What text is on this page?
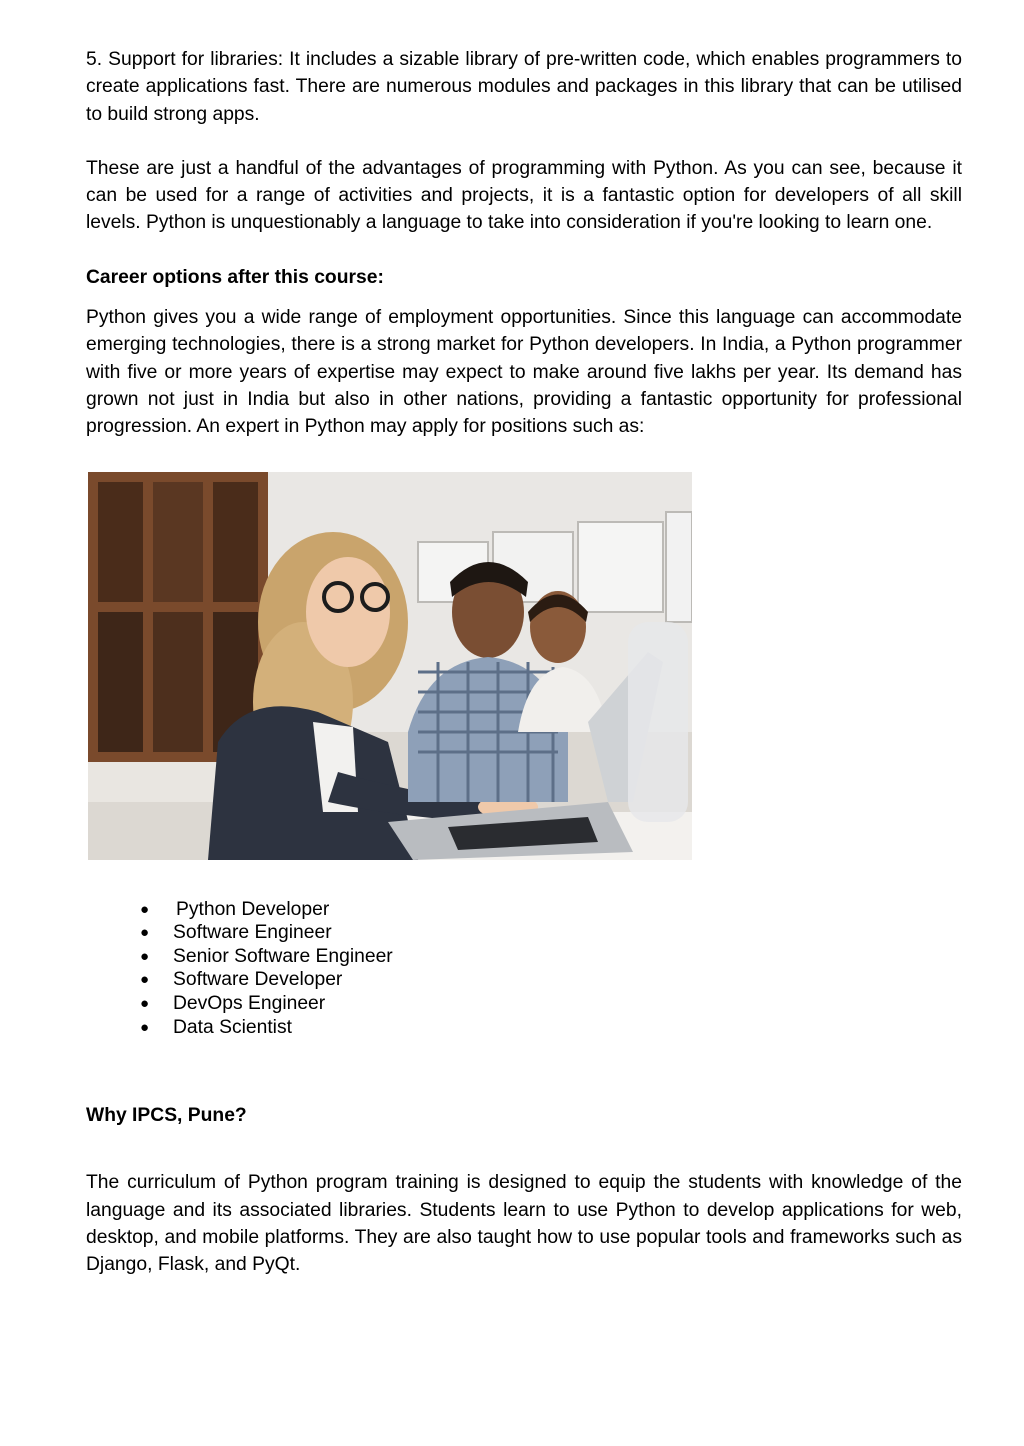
5. Support for libraries: It includes a sizable library of pre-written code, which enables programmers to create applications fast. There are numerous modules and packages in this library that can be utilised to build strong apps.

These are just a handful of the advantages of programming with Python. As you can see, because it can be used for a range of activities and projects, it is a fantastic option for developers of all skill levels. Python is unquestionably a language to take into consideration if you're looking to learn one.

Career options after this course:

Python gives you a wide range of employment opportunities. Since this language can accommodate emerging technologies, there is a strong market for Python developers. In India, a Python programmer with five or more years of expertise may expect to make around five lakhs per year. Its demand has grown not just in India but also in other nations, providing a fantastic opportunity for professional progression. An expert in Python may apply for positions such as:

● Python Developer
● Software Engineer
● Senior Software Engineer
● Software Developer
● DevOps Engineer
● Data Scientist
Why IPCS, Pune?

The curriculum of Python program training is designed to equip the students with knowledge of the language and its associated libraries. Students learn to use Python to develop applications for web, desktop, and mobile platforms. They are also taught how to use popular tools and frameworks such as Django, Flask, and PyQt.
